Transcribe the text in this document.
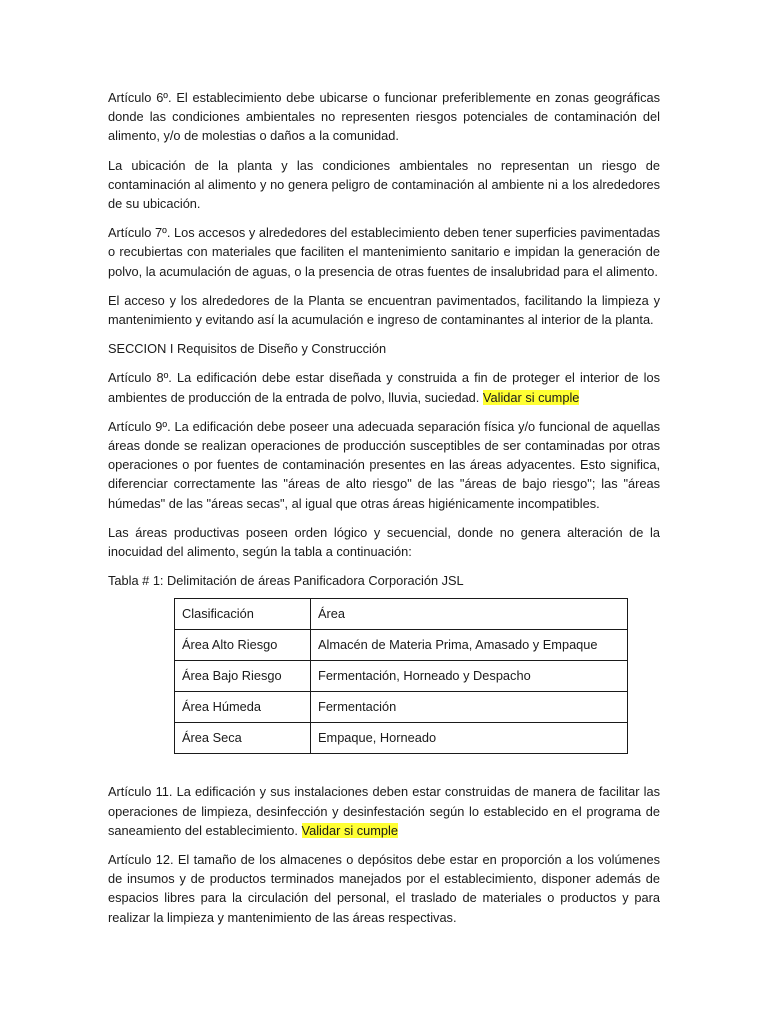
Artículo 6º. El establecimiento debe ubicarse o funcionar preferiblemente en zonas geográficas donde las condiciones ambientales no representen riesgos potenciales de contaminación del alimento, y/o de molestias o daños a la comunidad.

La ubicación de la planta y las condiciones ambientales no representan un riesgo de contaminación al alimento y no genera peligro de contaminación al ambiente ni a los alrededores de su ubicación.

Artículo 7º. Los accesos y alrededores del establecimiento deben tener superficies pavimentadas o recubiertas con materiales que faciliten el mantenimiento sanitario e impidan la generación de polvo, la acumulación de aguas, o la presencia de otras fuentes de insalubridad para el alimento.

El acceso y los alrededores de la Planta se encuentran pavimentados, facilitando la limpieza y mantenimiento y evitando así la acumulación e ingreso de contaminantes al interior de la planta.

SECCION I Requisitos de Diseño y Construcción

Artículo 8º. La edificación debe estar diseñada y construida a fin de proteger el interior de los ambientes de producción de la entrada de polvo, lluvia, suciedad. Validar si cumple

Artículo 9º. La edificación debe poseer una adecuada separación física y/o funcional de aquellas áreas donde se realizan operaciones de producción susceptibles de ser contaminadas por otras operaciones o por fuentes de contaminación presentes en las áreas adyacentes. Esto significa, diferenciar correctamente las "áreas de alto riesgo" de las "áreas de bajo riesgo"; las "áreas húmedas" de las "áreas secas", al igual que otras áreas higiénicamente incompatibles.

Las áreas productivas poseen orden lógico y secuencial, donde no genera alteración de la inocuidad del alimento, según la tabla a continuación:

Tabla # 1: Delimitación de áreas Panificadora Corporación JSL

Clasificación	Área
Área Alto Riesgo	Almacén de Materia Prima, Amasado y Empaque
Área Bajo Riesgo	Fermentación, Horneado y Despacho
Área Húmeda	Fermentación
Área Seca	Empaque, Horneado

Artículo 11. La edificación y sus instalaciones deben estar construidas de manera de facilitar las operaciones de limpieza, desinfección y desinfestación según lo establecido en el programa de saneamiento del establecimiento. Validar si cumple

Artículo 12. El tamaño de los almacenes o depósitos debe estar en proporción a los volúmenes de insumos y de productos terminados manejados por el establecimiento, disponer además de espacios libres para la circulación del personal, el traslado de materiales o productos y para realizar la limpieza y mantenimiento de las áreas respectivas.
